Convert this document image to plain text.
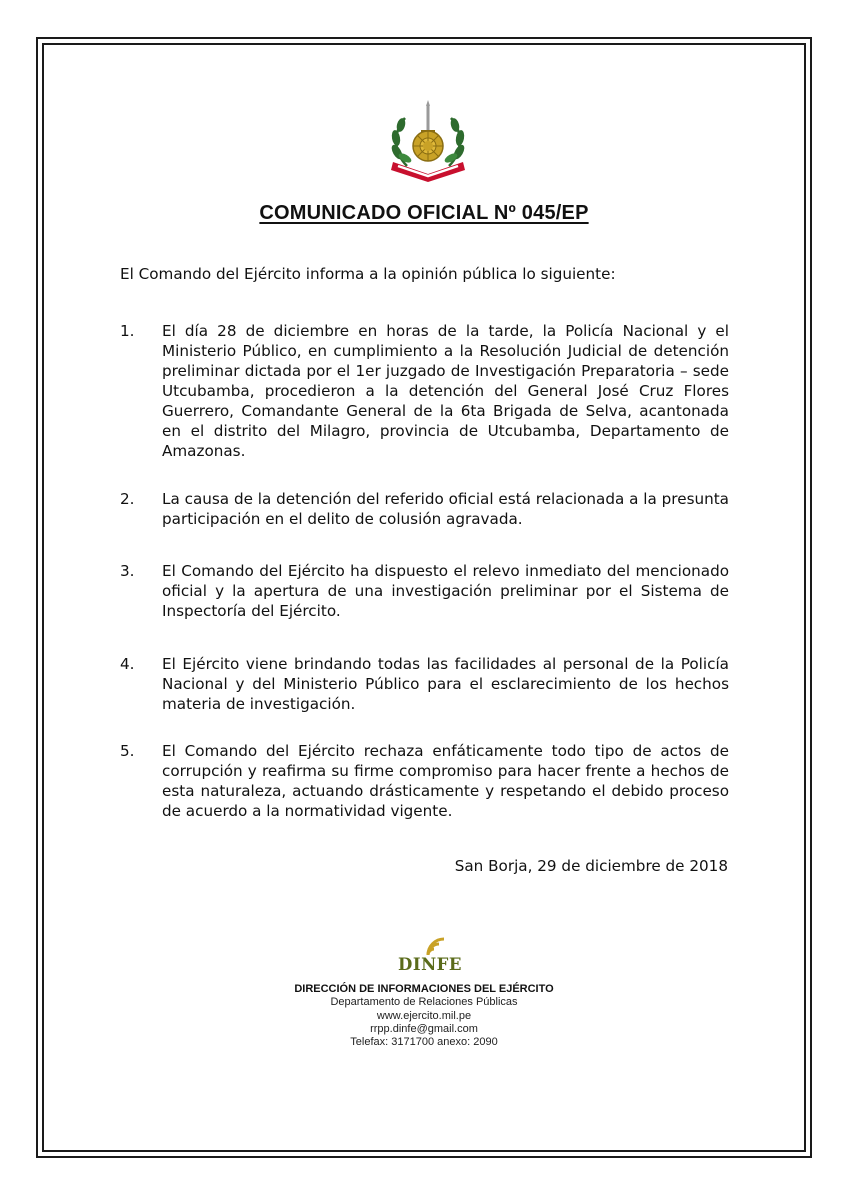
COMUNICADO OFICIAL Nº 045/EP
El Comando del Ejército informa a la opinión pública lo siguiente:
1. El día 28 de diciembre en horas de la tarde, la Policía Nacional y el Ministerio Público, en cumplimiento a la Resolución Judicial de detención preliminar dictada por el 1er juzgado de Investigación Preparatoria – sede Utcubamba, procedieron a la detención del General José Cruz Flores Guerrero, Comandante General de la 6ta Brigada de Selva, acantonada en el distrito del Milagro, provincia de Utcubamba, Departamento de Amazonas.
2. La causa de la detención del referido oficial está relacionada a la presunta participación en el delito de colusión agravada.
3. El Comando del Ejército ha dispuesto el relevo inmediato del mencionado oficial y la apertura de una investigación preliminar por el Sistema de Inspectoría del Ejército.
4. El Ejército viene brindando todas las facilidades al personal de la Policía Nacional y del Ministerio Público para el esclarecimiento de los hechos materia de investigación.
5. El Comando del Ejército rechaza enfáticamente todo tipo de actos de corrupción y reafirma su firme compromiso para hacer frente a hechos de esta naturaleza, actuando drásticamente y respetando el debido proceso de acuerdo a la normatividad vigente.
San Borja, 29 de diciembre de 2018
DINFE
DIRECCIÓN DE INFORMACIONES DEL EJÉRCITO
Departamento de Relaciones Públicas
www.ejercito.mil.pe
rrpp.dinfe@gmail.com
Telefax: 3171700 anexo: 2090
